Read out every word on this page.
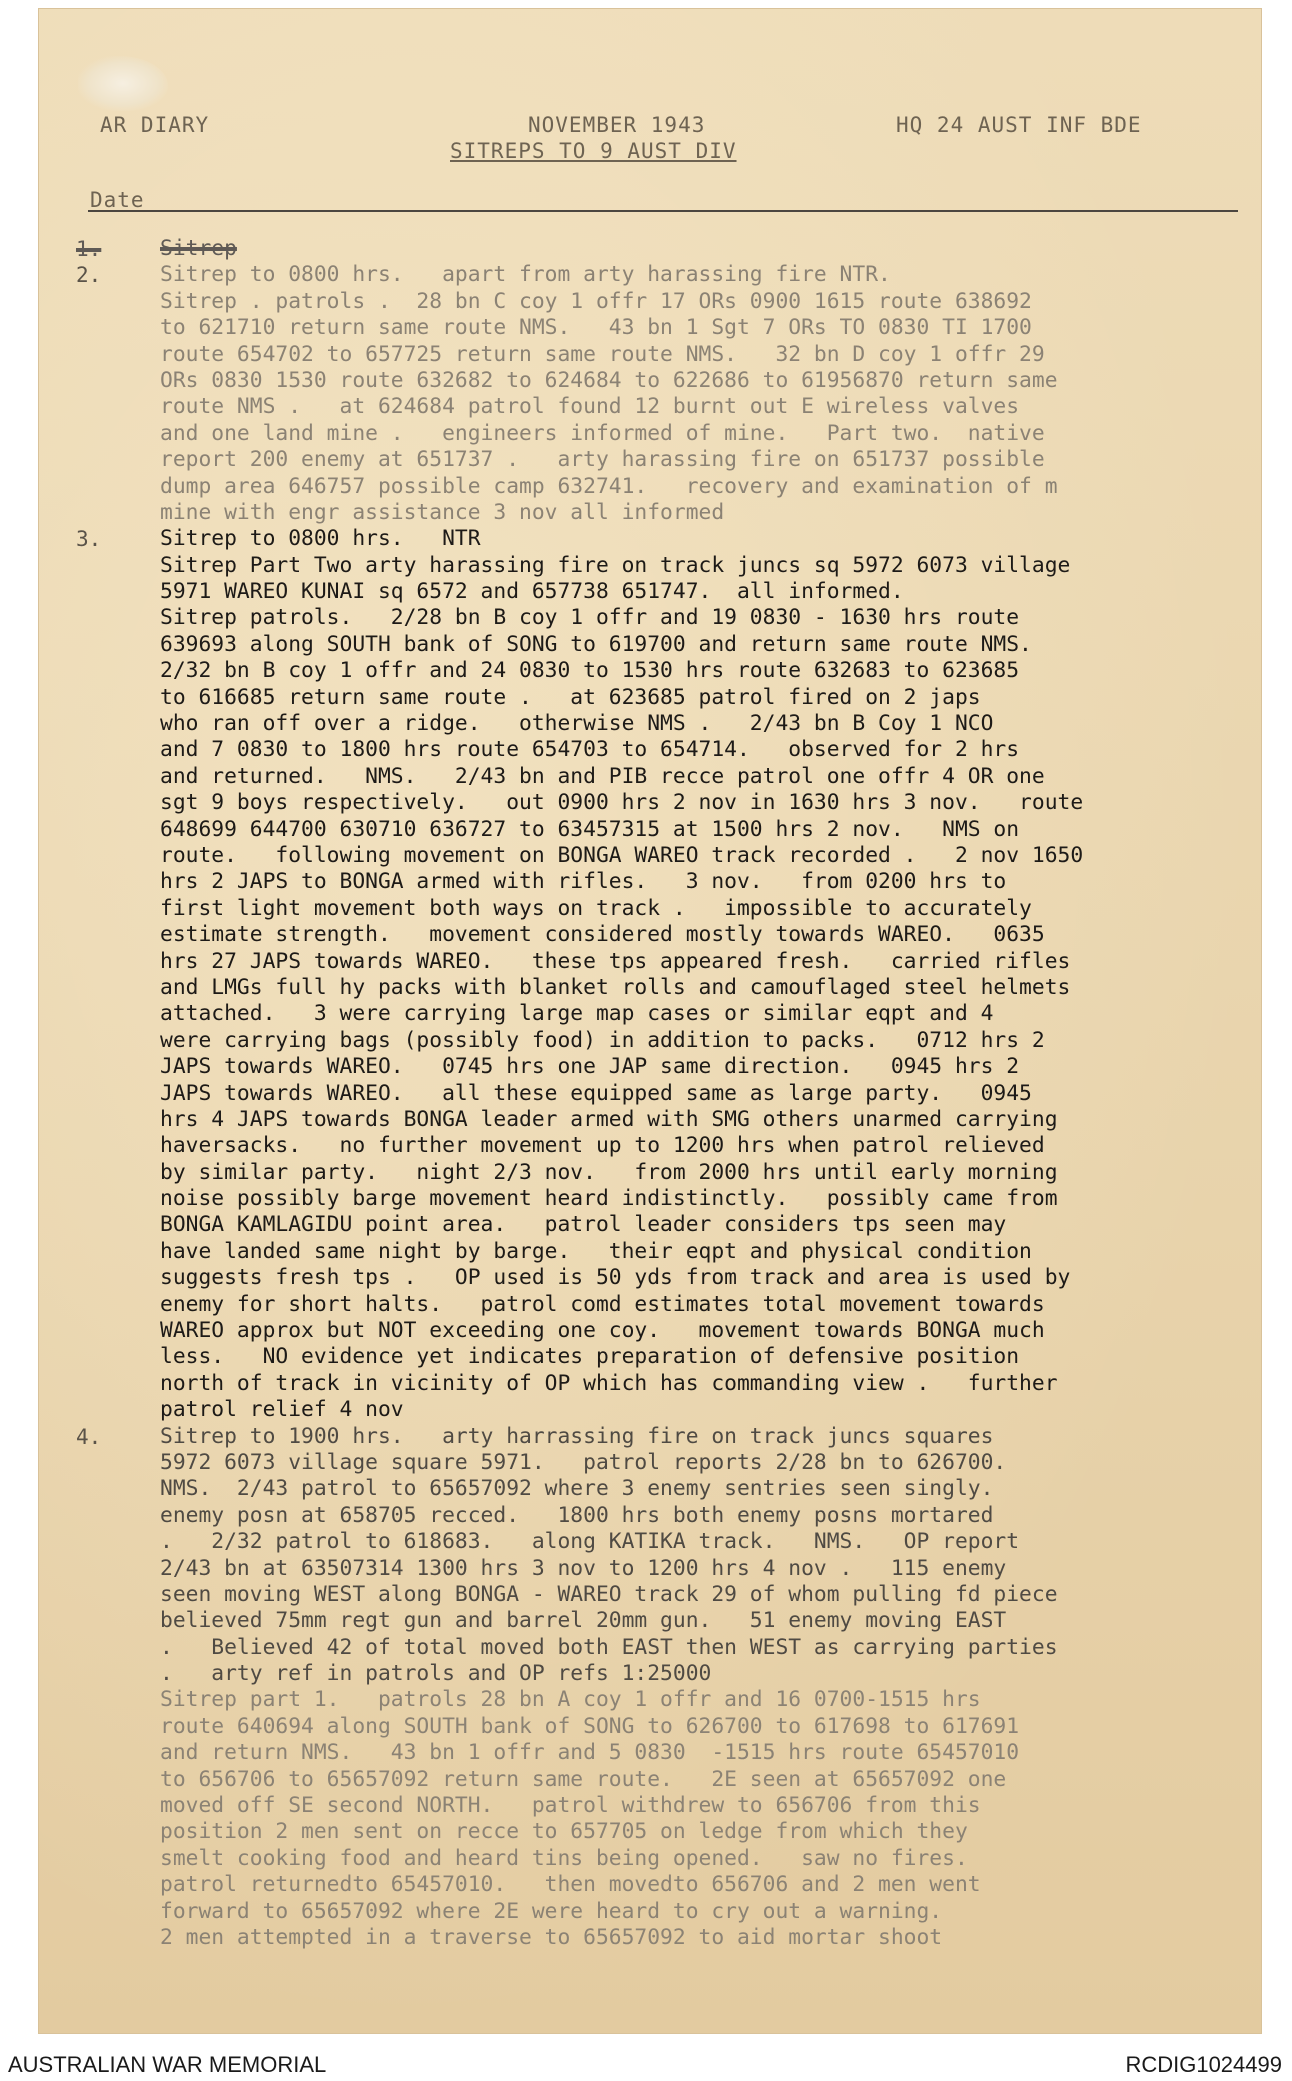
AR DIARY	NOVEMBER 1943	HQ 24 AUST INF BDE
SITREPS TO 9 AUST DIV
Date
1.	Sitrep
2.	Sitrep to 0800 hrs.   apart from arty harassing fire NTR.
Sitrep . patrols .  28 bn C coy 1 offr 17 ORs 0900 1615 route 638692
to 621710 return same route NMS.   43 bn 1 Sgt 7 ORs TO 0830 TI 1700
route 654702 to 657725 return same route NMS.   32 bn D coy 1 offr 29
ORs 0830 1530 route 632682 to 624684 to 622686 to 61956870 return same
route NMS .   at 624684 patrol found 12 burnt out E wireless valves
and one land mine .   engineers informed of mine.   Part two.  native
report 200 enemy at 651737 .   arty harassing fire on 651737 possible
dump area 646757 possible camp 632741.   recovery and examination of m
mine with engr assistance 3 nov all informed
3.	Sitrep to 0800 hrs.   NTR
Sitrep Part Two arty harassing fire on track juncs sq 5972 6073 village
5971 WAREO KUNAI sq 6572 and 657738 651747.  all informed.
Sitrep patrols.   2/28 bn B coy 1 offr and 19 0830 - 1630 hrs route
639693 along SOUTH bank of SONG to 619700 and return same route NMS.
2/32 bn B coy 1 offr and 24 0830 to 1530 hrs route 632683 to 623685
to 616685 return same route .   at 623685 patrol fired on 2 japs
who ran off over a ridge.   otherwise NMS .   2/43 bn B Coy 1 NCO
and 7 0830 to 1800 hrs route 654703 to 654714.   observed for 2 hrs
and returned.   NMS.   2/43 bn and PIB recce patrol one offr 4 OR one
sgt 9 boys respectively.   out 0900 hrs 2 nov in 1630 hrs 3 nov.   route
648699 644700 630710 636727 to 63457315 at 1500 hrs 2 nov.   NMS on
route.   following movement on BONGA WAREO track recorded .   2 nov 1650
hrs 2 JAPS to BONGA armed with rifles.   3 nov.   from 0200 hrs to
first light movement both ways on track .   impossible to accurately
estimate strength.   movement considered mostly towards WAREO.   0635
hrs 27 JAPS towards WAREO.   these tps appeared fresh.   carried rifles
and LMGs full hy packs with blanket rolls and camouflaged steel helmets
attached.   3 were carrying large map cases or similar eqpt and 4
were carrying bags (possibly food) in addition to packs.   0712 hrs 2
JAPS towards WAREO.   0745 hrs one JAP same direction.   0945 hrs 2
JAPS towards WAREO.   all these equipped same as large party.   0945
hrs 4 JAPS towards BONGA leader armed with SMG others unarmed carrying
haversacks.   no further movement up to 1200 hrs when patrol relieved
by similar party.   night 2/3 nov.   from 2000 hrs until early morning
noise possibly barge movement heard indistinctly.   possibly came from
BONGA KAMLAGIDU point area.   patrol leader considers tps seen may
have landed same night by barge.   their eqpt and physical condition
suggests fresh tps .   OP used is 50 yds from track and area is used by
enemy for short halts.   patrol comd estimates total movement towards
WAREO approx but NOT exceeding one coy.   movement towards BONGA much
less.   NO evidence yet indicates preparation of defensive position
north of track in vicinity of OP which has commanding view .   further
patrol relief 4 nov
4.	Sitrep to 1900 hrs.   arty harrassing fire on track juncs squares
5972 6073 village square 5971.   patrol reports 2/28 bn to 626700.
NMS.  2/43 patrol to 65657092 where 3 enemy sentries seen singly.
enemy posn at 658705 recced.   1800 hrs both enemy posns mortared
.   2/32 patrol to 618683.   along KATIKA track.   NMS.   OP report
2/43 bn at 63507314 1300 hrs 3 nov to 1200 hrs 4 nov .   115 enemy
seen moving WEST along BONGA - WAREO track 29 of whom pulling fd piece
believed 75mm regt gun and barrel 20mm gun.   51 enemy moving EAST
.   Believed 42 of total moved both EAST then WEST as carrying parties
.   arty ref in patrols and OP refs 1:25000
Sitrep part 1.   patrols 28 bn A coy 1 offr and 16 0700-1515 hrs
route 640694 along SOUTH bank of SONG to 626700 to 617698 to 617691
and return NMS.   43 bn 1 offr and 5 0830  -1515 hrs route 65457010
to 656706 to 65657092 return same route.   2E seen at 65657092 one
moved off SE second NORTH.   patrol withdrew to 656706 from this
position 2 men sent on recce to 657705 on ledge from which they
smelt cooking food and heard tins being opened.   saw no fires.
patrol returnedto 65457010.   then movedto 656706 and 2 men went
forward to 65657092 where 2E were heard to cry out a warning.
2 men attempted in a traverse to 65657092 to aid mortar shoot
AUSTRALIAN WAR MEMORIAL	RCDIG1024499
